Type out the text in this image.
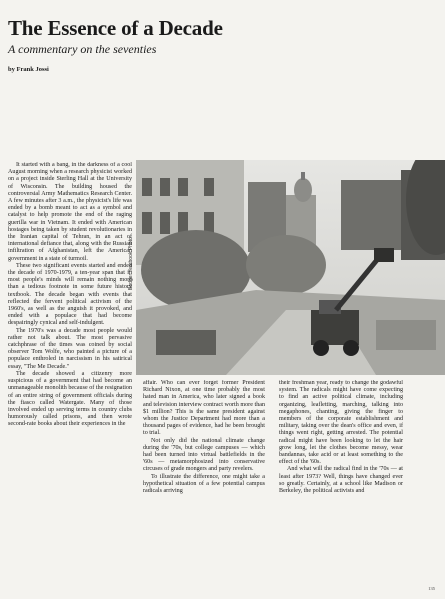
The Essence of a Decade
A commentary on the seventies
by Frank Jossi

It started with a bang, in the darkness of a cool August morning when a research physicist worked on a project inside Sterling Hall at the University of Wisconsin. The building housed the controversial Army Mathematics Research Center. A few minutes after 3 a.m., the physicist's life was ended by a bomb meant to act as a symbol and catalyst to help promote the end of the raging guerilla war in Vietnam. It ended with American hostages being taken by student revolutionaries in the Iranian capital of Tehran, in an act of international defiance that, along with the Russian infiltration of Afghanistan, left the American government in a state of turmoil.

These two significant events started and ended the decade of 1970-1979, a ten-year span that in most people's minds will remain nothing more than a tedious footnote in some future history textbook. The decade began with events that reflected the fervent political activism of the 1960's, as well as the anguish it provoked, and ended with a populace that had become despairingly cynical and self-indulgent.

The 1970's was a decade most people would rather not talk about. The most pervasive catchphrase of the times was coined by social observer Tom Wolfe, who painted a picture of a populace enthroled in narcissism in his satirical essay, "The Me Decade."

The decade showed a citizenry more suspicious of a government that had become an unmanageable monolith because of the resignation of an entire string of government officials during the fiasco called Watergate. Many of those involved ended up serving terms in country clubs humorously called prisons, and then wrote second-rate books about their experiences in the

Badger Yearbook Photo

affair. Who can ever forget former President Richard Nixon, at one time probably the most hated man in America, who later signed a book and television interview contract worth more than $1 million? This is the same president against whom the Justice Department had more than a thousand pages of evidence, had he been brought to trial.

Not only did the national climate change during the '70s, but college campuses — which had been turned into virtual battlefields in the '60s — metamorphosized into conservative circuses of grade mongers and party revelers.

To illustrate the difference, one might take a hypothetical situation of a few potential campus radicals arriving

their freshman year, ready to change the godawful system. The radicals might have come expecting to find an active political climate, including organizing, leafletting, marching, talking into megaphones, chanting, giving the finger to members of the corporate establishment and military, taking over the dean's office and even, if things went right, getting arrested. The potential radical might have been looking to let the hair grow long, let the clothes become messy, wear bandannas, take acid or at least something to the effect of the '60s.

And what will the radical find in the '70s — at least after 1973? Well, things have changed ever so greatly. Certainly, at a school like Madison or Berkeley, the political activists and

135
